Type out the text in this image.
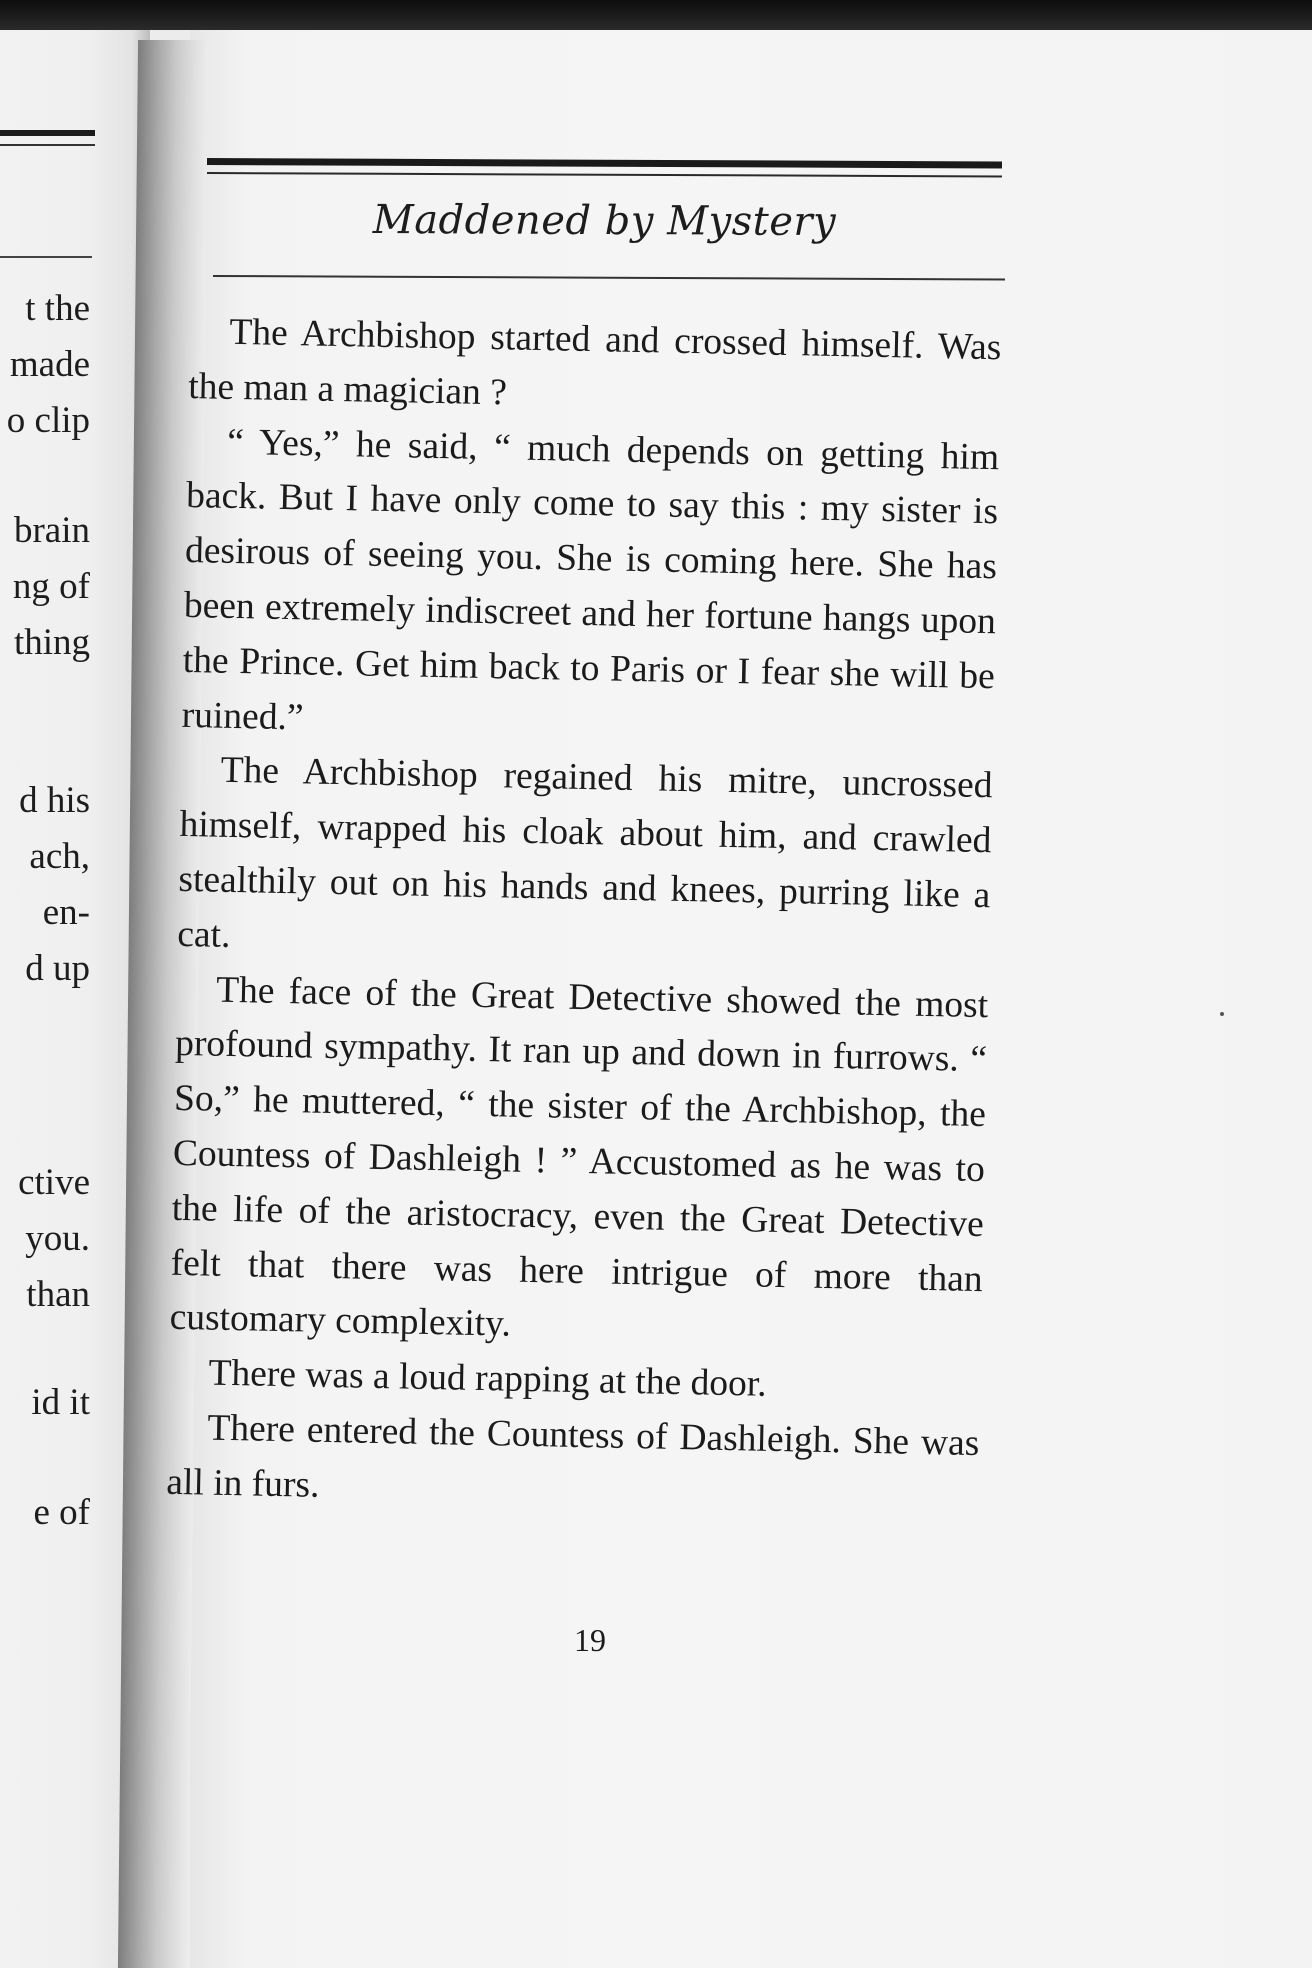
t the
made
o clip
brain
ng of
thing
d his
ach,
en-
d up
ctive
you.
than
id it
e of
Maddened by Mystery

The Archbishop started and crossed himself. Was the man a magician ?

“ Yes,” he said, “ much depends on getting him back. But I have only come to say this : my sister is desirous of seeing you. She is coming here. She has been extremely indiscreet and her fortune hangs upon the Prince. Get him back to Paris or I fear she will be ruined.”

The Archbishop regained his mitre, uncrossed himself, wrapped his cloak about him, and crawled stealthily out on his hands and knees, purring like a cat.

The face of the Great Detective showed the most profound sympathy. It ran up and down in furrows. “ So,” he muttered, “ the sister of the Archbishop, the Countess of Dashleigh ! ” Accustomed as he was to the life of the aristocracy, even the Great Detective felt that there was here intrigue of more than customary complexity.

There was a loud rapping at the door.

There entered the Countess of Dashleigh. She was all in furs.

19
